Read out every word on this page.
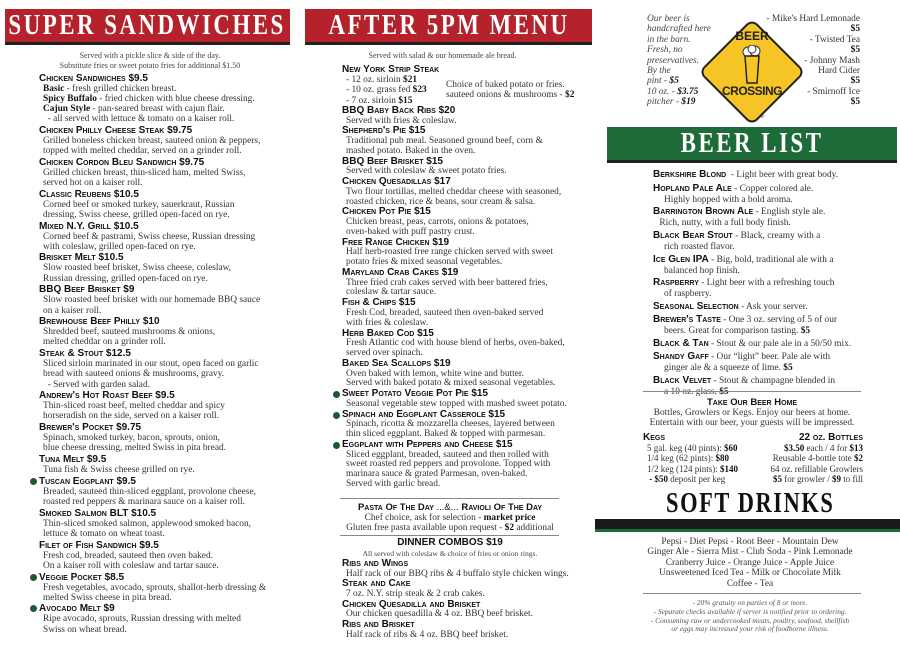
SUPER SANDWICHES
Served with a pickle slice & side of the day.
Substitute fries or sweet potato fries for additional $1.50
Chicken Sandwiches $9.5
Basic - fresh grilled chicken breast.
Spicy Buffalo - fried chicken with blue cheese dressing.
Cajun Style - pan-seared breast with cajun flair.
- all served with lettuce & tomato on a kaiser roll.
Chicken Philly Cheese Steak $9.75
Grilled boneless chicken breast, sauteed onion & peppers,
topped with melted cheddar, served on a grinder roll.
Chicken Cordon Bleu Sandwich $9.75
Grilled chicken breast, thin-sliced ham, melted Swiss,
served hot on a kaiser roll.
Classic Reubens $10.5
Corned beef or smoked turkey, sauerkraut, Russian
dressing, Swiss cheese, grilled open-faced on rye.
Mixed N.Y. Grill $10.5
Corned beef & pastrami, Swiss cheese, Russian dressing
with coleslaw, grilled open-faced on rye.
Brisket Melt $10.5
Slow roasted beef brisket, Swiss cheese, coleslaw,
Russian dressing, grilled open-faced on rye.
BBQ Beef Brisket $9
Slow roasted beef brisket with our homemade BBQ sauce
on a kaiser roll.
Brewhouse Beef Philly $10
Shredded beef, sauteed mushrooms & onions,
melted cheddar on a grinder roll.
Steak & Stout $12.5
Sliced sirloin marinated in our stout, open faced on garlic
bread with sauteed onions & mushrooms, gravy.
- Served with garden salad.
Andrew's Hot Roast Beef $9.5
Thin-sliced roast beef, melted cheddar and spicy
horseradish on the side, served on a kaiser roll.
Brewer's Pocket $9.75
Spinach, smoked turkey, bacon, sprouts, onion,
blue cheese dressing, melted Swiss in pita bread.
Tuna Melt $9.5
Tuna fish & Swiss cheese grilled on rye.
Tuscan Eggplant $9.5
Breaded, sauteed thin-sliced eggplant, provolone cheese,
roasted red peppers & marinara sauce on a kaiser roll.
Smoked Salmon BLT $10.5
Thin-sliced smoked salmon, applewood smoked bacon,
lettuce & tomato on wheat toast.
Filet of Fish Sandwich $9.5
Fresh cod, breaded, sauteed then oven baked.
On a kaiser roll with coleslaw and tartar sauce.
Veggie Pocket $8.5
Fresh vegetables, avocado, sprouts, shallot-herb dressing &
melted Swiss cheese in pita bread.
Avocado Melt $9
Ripe avocado, sprouts, Russian dressing with melted
Swiss on wheat bread.
AFTER 5PM MENU
Served with salad & our homemade ale bread.
New York Strip Steak
- 12 oz. sirloin $21
- 10 oz. grass fed $23
- 7 oz. sirloin $15
Choice of baked potato or fries.
sauteed onions & mushrooms - $2
BBQ Baby Back Ribs $20
Served with fries & coleslaw.
Shepherd's Pie $15
Traditional pub meal. Seasoned ground beef, corn &
mashed potato. Baked in the oven.
BBQ Beef Brisket $15
Served with coleslaw & sweet potato fries.
Chicken Quesadillas $17
Two flour tortillas, melted cheddar cheese with seasoned,
roasted chicken, rice & beans, sour cream & salsa.
Chicken Pot Pie $15
Chicken breast, peas, carrots, onions & potatoes,
oven-baked with puff pastry crust.
Free Range Chicken $19
Half herb-roasted free range chicken served with sweet
potato fries & mixed seasonal vegetables.
Maryland Crab Cakes $19
Three fried crab cakes served with beer battered fries,
coleslaw & tartar sauce.
Fish & Chips $15
Fresh Cod, breaded, sauteed then oven-baked served
with fries & coleslaw.
Herb Baked Cod $15
Fresh Atlantic cod with house blend of herbs, oven-baked,
served over spinach.
Baked Sea Scallops $19
Oven baked with lemon, white wine and butter.
Served with baked potato & mixed seasonal vegetables.
Sweet Potato Veggie Pot Pie $15
Seasonal vegetable stew topped with mashed sweet potato.
Spinach and Eggplant Casserole $15
Spinach, ricotta & mozzarella cheeses, layered between
thin sliced eggplant. Baked & topped with parmesan.
Eggplant with Peppers and Cheese $15
Sliced eggplant, breaded, sauteed and then rolled with
sweet roasted red peppers and provolone. Topped with
marinara sauce & grated Parmesan, oven-baked.
Served with garlic bread.
Pasta Of The Day ...&... Ravioli Of The Day
Chef choice, ask for selection - market price
Gluten free pasta available upon request - $2 additional
DINNER COMBOS $19
All served with coleslaw & choice of fries or onion rings.
Ribs and Wings
Half rack of our BBQ ribs & 4 buffalo style chicken wings.
Steak and Cake
7 oz. N.Y. strip steak & 2 crab cakes.
Chicken Quesadilla and Brisket
Our chicken quesadilla & 4 oz. BBQ beef brisket.
Ribs and Brisket
Half rack of ribs & 4 oz. BBQ beef brisket.
Our beer is
handcrafted here
in the barn.
Fresh, no
preservatives.
By the
pint - $5
10 oz. - $3.75
pitcher - $19
BEER
CROSSING
®
- Mike's Hard Lemonade
$5
- Twisted Tea
$5
- Johnny Mash
Hard Cider
$5
- Smirnoff Ice
$5
BEER LIST
Berkshire Blond  - Light beer with great body.
Hopland Pale Ale - Copper colored ale.
Highly hopped with a bold aroma.
Barrington Brown Ale - English style ale.
Rich, nutty, with a full body finish.
Black Bear Stout - Black, creamy with a
rich roasted flavor.
Ice Glen IPA - Big, bold, traditional ale with a
balanced hop finish.
Raspberry - Light beer with a refreshing touch
of raspberry.
Seasonal Selection - Ask your server.
Brewer's Taste - One 3 oz. serving of 5 of our
beers. Great for comparison tasting. $5
Black & Tan - Stout & our pale ale in a 50/50 mix.
Shandy Gaff - Our “light” beer. Pale ale with
ginger ale & a squeeze of lime. $5
Black Velvet - Stout & champagne blended in
a 10 oz. glass. $5
Take Our Beer Home
Bottles, Growlers or Kegs. Enjoy our beers at home.
Entertain with our beer, your guests will be impressed.
Kegs
5 gal. keg (40 pints): $60
1/4 keg (62 pints): $80
1/2 keg (124 pints): $140
- $50 deposit per keg
22 oz. Bottles
$3.50 each / 4 for $13
Reusable 4-bottle tote $2
64 oz. refillable Growlers
$5 for growler / $9 to fill
SOFT DRINKS
Pepsi - Diet Pepsi - Root Beer - Mountain Dew
Ginger Ale - Sierra Mist - Club Soda - Pink Lemonade
Cranberry Juice - Orange Juice - Apple Juice
Unsweetened Iced Tea - Milk or Chocolate Milk
Coffee - Tea
- 20% gratuity on parties of 8 or more.
- Separate checks available if server is notified prior to ordering.
- Consuming raw or undercooked meats, poultry, seafood, shellfish
or eggs may increased your risk of foodborne illness.
